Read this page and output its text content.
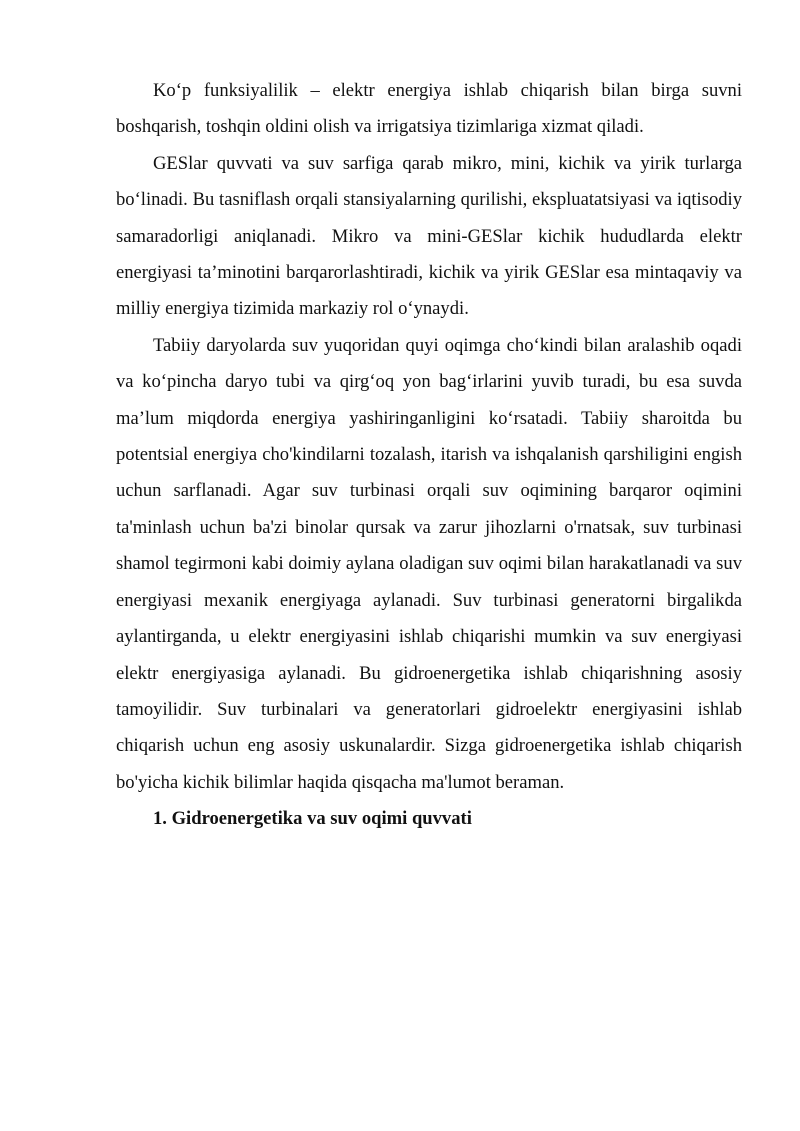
Ko‘p funksiyalilik – elektr energiya ishlab chiqarish bilan birga suvni boshqarish, toshqin oldini olish va irrigatsiya tizimlariga xizmat qiladi.

GESlar quvvati va suv sarfiga qarab mikro, mini, kichik va yirik turlarga bo‘linadi. Bu tasniflash orqali stansiyalarning qurilishi, ekspluatatsiyasi va iqtisodiy samaradorligi aniqlanadi. Mikro va mini-GESlar kichik hududlarda elektr energiyasi ta’minotini barqarorlashtiradi, kichik va yirik GESlar esa mintaqaviy va milliy energiya tizimida markaziy rol o‘ynaydi.

Tabiiy daryolarda suv yuqoridan quyi oqimga cho‘kindi bilan aralashib oqadi va ko‘pincha daryo tubi va qirg‘oq yon bag‘irlarini yuvib turadi, bu esa suvda ma’lum miqdorda energiya yashiringanligini ko‘rsatadi. Tabiiy sharoitda bu potentsial energiya cho'kindilarni tozalash, itarish va ishqalanish qarshiligini engish uchun sarflanadi. Agar suv turbinasi orqali suv oqimining barqaror oqimini ta'minlash uchun ba'zi binolar qursak va zarur jihozlarni o'rnatsak, suv turbinasi shamol tegirmoni kabi doimiy aylana oladigan suv oqimi bilan harakatlanadi va suv energiyasi mexanik energiyaga aylanadi. Suv turbinasi generatorni birgalikda aylantirganda, u elektr energiyasini ishlab chiqarishi mumkin va suv energiyasi elektr energiyasiga aylanadi. Bu gidroenergetika ishlab chiqarishning asosiy tamoyilidir. Suv turbinalari va generatorlari gidroelektr energiyasini ishlab chiqarish uchun eng asosiy uskunalardir. Sizga gidroenergetika ishlab chiqarish bo'yicha kichik bilimlar haqida qisqacha ma'lumot beraman.

1. Gidroenergetika va suv oqimi quvvati
